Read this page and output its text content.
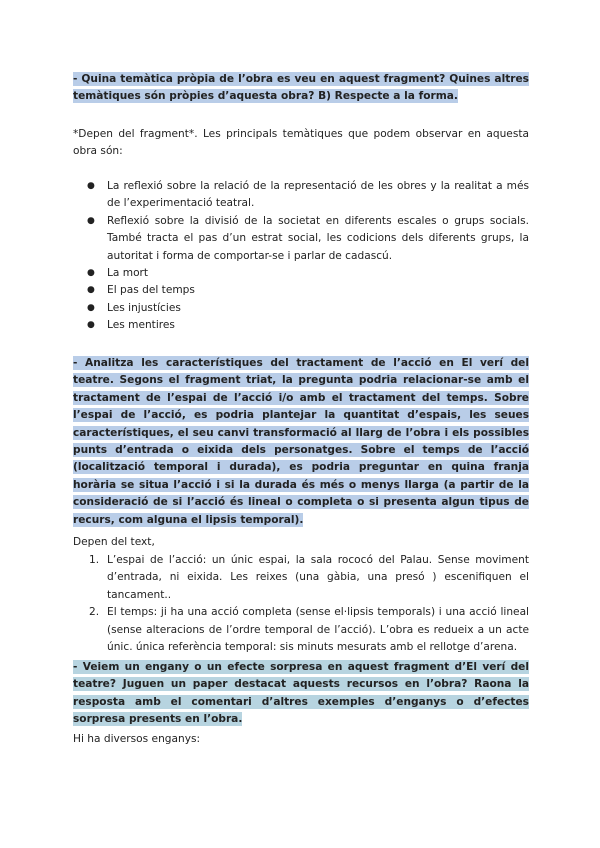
- Quina temàtica pròpia de l’obra es veu en aquest fragment? Quines altres temàtiques són pròpies d’aquesta obra? B) Respecte a la forma.

*Depen del fragment*. Les principals temàtiques que podem observar en aquesta obra són:

● La reflexió sobre la relació de la representació de les obres y la realitat a més de l’experimentació teatral.
● Reflexió sobre la divisió de la societat en diferents escales o grups socials. També tracta el pas d’un estrat social, les codicions dels diferents grups, la autoritat i forma de comportar-se i parlar de cadascú.
● La mort
● El pas del temps
● Les injustícies
● Les mentires

- Analitza les característiques del tractament de l’acció en El verí del teatre. Segons el fragment triat, la pregunta podria relacionar-se amb el tractament de l’espai de l’acció i/o amb el tractament del temps. Sobre l’espai de l’acció, es podria plantejar la quantitat d’espais, les seues característiques, el seu canvi transformació al llarg de l’obra i els possibles punts d’entrada o eixida dels personatges. Sobre el temps de l’acció (localització temporal i durada), es podria preguntar en quina franja horària se situa l’acció i si la durada és més o menys llarga (a partir de la consideració de si l’acció és lineal o completa o si presenta algun tipus de recurs, com alguna el lipsis temporal).

Depen del text,

1. L’espai de l’acció: un únic espai, la sala rococó del Palau. Sense moviment d’entrada, ni eixida. Les reixes (una gàbia, una presó ) escenifiquen el tancament..
2. El temps: ji ha una acció completa (sense el·lipsis temporals) i una acció lineal (sense alteracions de l’ordre temporal de l’acció). L’obra es redueix a un acte únic. única referència temporal: sis minuts mesurats amb el rellotge d’arena.

- Veiem un engany o un efecte sorpresa en aquest fragment d’El verí del teatre? Juguen un paper destacat aquests recursos en l’obra? Raona la resposta amb el comentari d’altres exemples d’enganys o d’efectes sorpresa presents en l’obra.

Hi ha diversos enganys:
